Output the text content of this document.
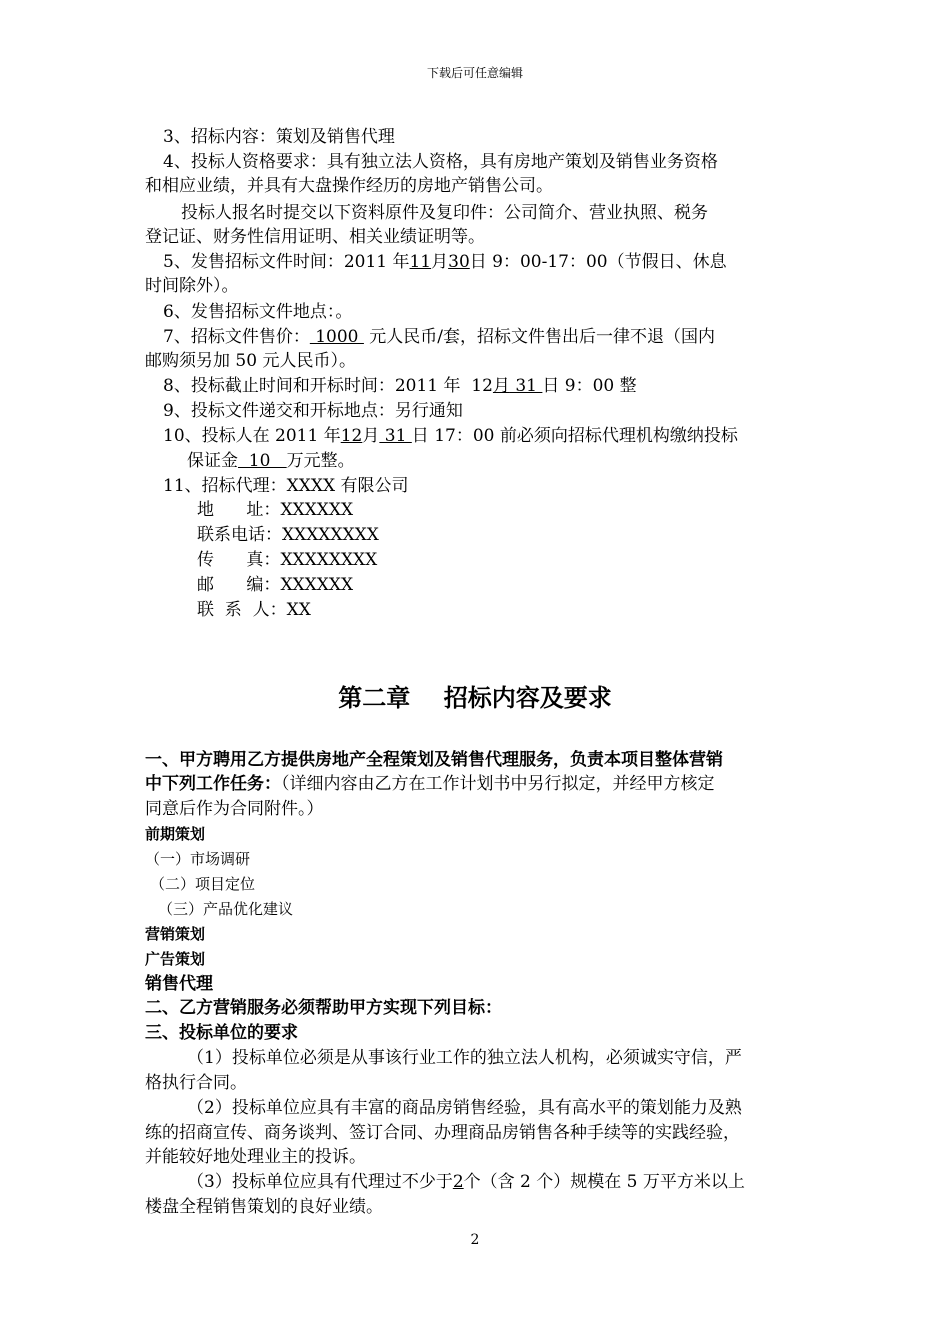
下载后可任意编辑
3、招标内容：策划及销售代理
4、投标人资格要求：具有独立法人资格，具有房地产策划及销售业务资格
和相应业绩，并具有大盘操作经历的房地产销售公司。
投标人报名时提交以下资料原件及复印件：公司简介、营业执照、税务
登记证、财务性信用证明、相关业绩证明等。
5、发售招标文件时间：2011 年11月30日 9：00-17：00（节假日、休息
时间除外）。
6、发售招标文件地点：。
7、招标文件售价： 1000  元人民币/套，招标文件售出后一律不退（国内
邮购须另加 50 元人民币）。
8、投标截止时间和开标时间：2011 年  12月 31 日 9：00 整
9、投标文件递交和开标地点：另行通知
10、投标人在 2011 年12月 31 日 17：00 前必须向招标代理机构缴纳投标
保证金  10   万元整。
11、招标代理：XXXX 有限公司
地      址：XXXXXX
联系电话：XXXXXXXX
传      真：XXXXXXXX
邮      编：XXXXXX
联  系  人：XX
第二章    招标内容及要求
一、甲方聘用乙方提供房地产全程策划及销售代理服务，负责本项目整体营销
中下列工作任务：（详细内容由乙方在工作计划书中另行拟定，并经甲方核定
同意后作为合同附件。）
前期策划
（一）市场调研
（二）项目定位
（三）产品优化建议
营销策划
广告策划
销售代理
二、乙方营销服务必须帮助甲方实现下列目标：
三、投标单位的要求
（1）投标单位必须是从事该行业工作的独立法人机构，必须诚实守信，严
格执行合同。
（2）投标单位应具有丰富的商品房销售经验，具有高水平的策划能力及熟
练的招商宣传、商务谈判、签订合同、办理商品房销售各种手续等的实践经验，
并能较好地处理业主的投诉。
（3）投标单位应具有代理过不少于2个（含 2 个）规模在 5 万平方米以上
楼盘全程销售策划的良好业绩。
2
